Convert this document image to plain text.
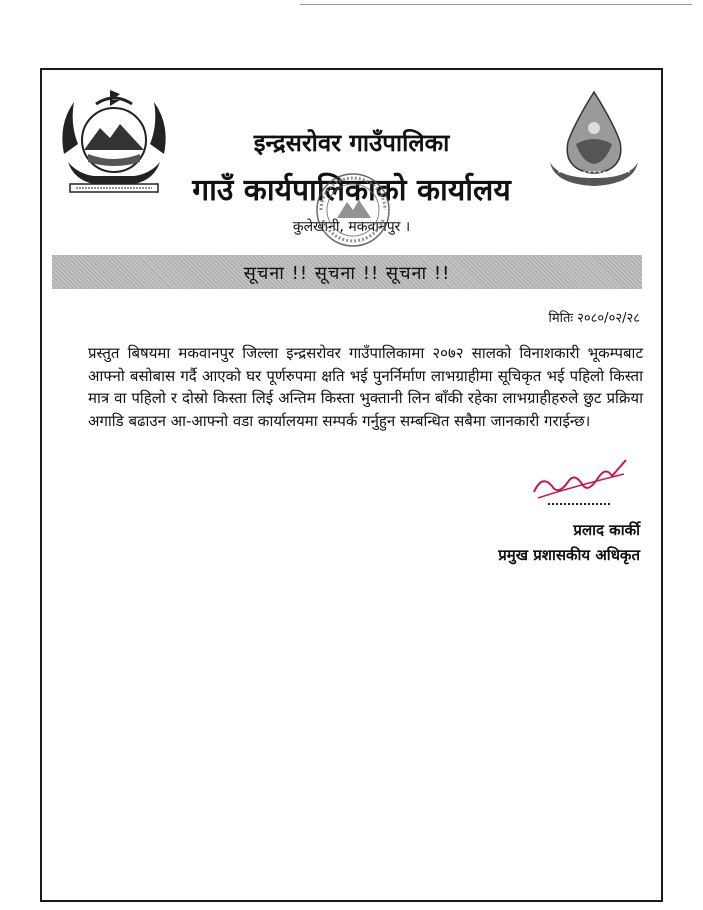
इन्द्रसरोवर गाउँपालिका
गाउँ कार्यपालिकाको कार्यालय
कुलेखानी, मकवानपुर ।
सूचना !! सूचना !! सूचना !!
मितिः २०८०/०२/२८
प्रस्तुत बिषयमा मकवानपुर जिल्ला इन्द्रसरोवर गाउँपालिकामा २०७२ सालको विनाशकारी भूकम्पबाट आफ्नो बसोबास गर्दै आएको घर पूर्णरुपमा क्षति भई पुनर्निर्माण लाभग्राहीमा सूचिकृत भई पहिलो किस्ता मात्र वा पहिलो र दोस्रो किस्ता लिई अन्तिम किस्ता भुक्तानी लिन बाँकी रहेका लाभग्राहीहरुले छुट प्रक्रिया अगाडि बढाउन आ-आफ्नो वडा कार्यालयमा सम्पर्क गर्नुहुन सम्बन्धित सबैमा जानकारी गराईन्छ।
प्रलाद कार्की
प्रमुख प्रशासकीय अधिकृत
